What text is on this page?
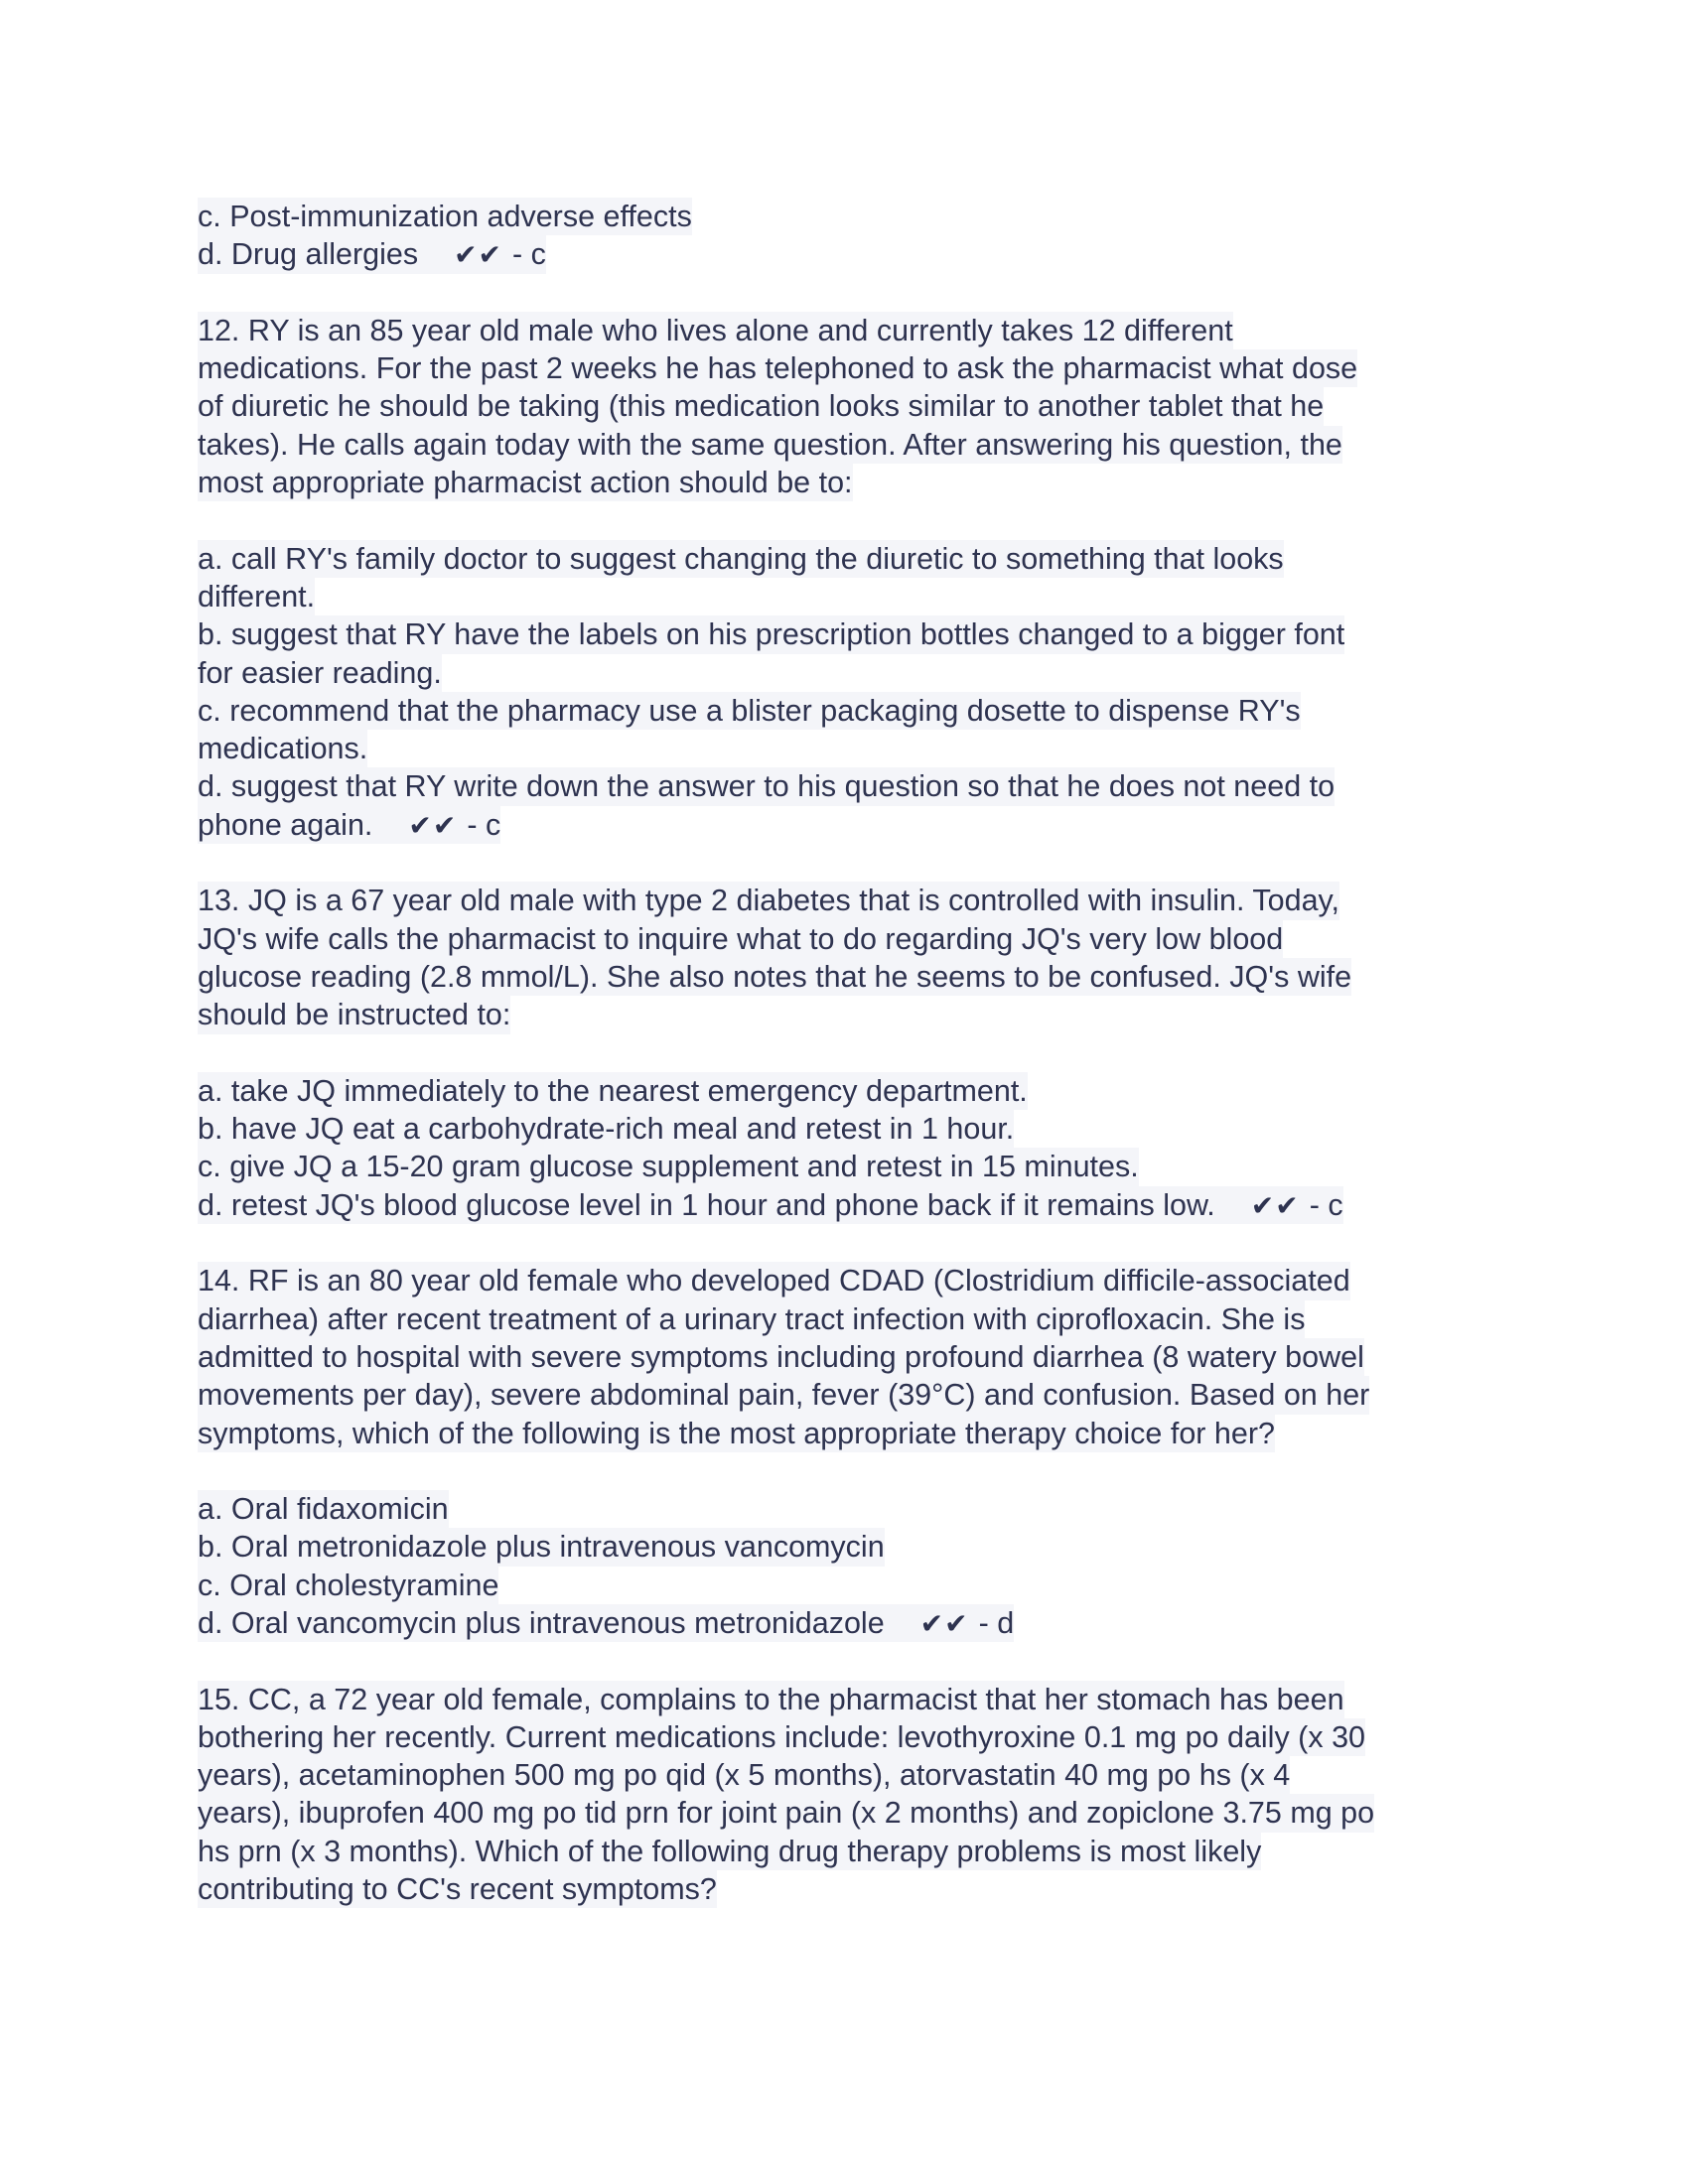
c. Post-immunization adverse effects
d. Drug allergies ✔✔ - c
12. RY is an 85 year old male who lives alone and currently takes 12 different
medications. For the past 2 weeks he has telephoned to ask the pharmacist what dose
of diuretic he should be taking (this medication looks similar to another tablet that he
takes). He calls again today with the same question. After answering his question, the
most appropriate pharmacist action should be to:
a. call RY's family doctor to suggest changing the diuretic to something that looks
different.
b. suggest that RY have the labels on his prescription bottles changed to a bigger font
for easier reading.
c. recommend that the pharmacy use a blister packaging dosette to dispense RY's
medications.
d. suggest that RY write down the answer to his question so that he does not need to
phone again. ✔✔ - c
13. JQ is a 67 year old male with type 2 diabetes that is controlled with insulin. Today,
JQ's wife calls the pharmacist to inquire what to do regarding JQ's very low blood
glucose reading (2.8 mmol/L). She also notes that he seems to be confused. JQ's wife
should be instructed to:
a. take JQ immediately to the nearest emergency department.
b. have JQ eat a carbohydrate-rich meal and retest in 1 hour.
c. give JQ a 15-20 gram glucose supplement and retest in 15 minutes.
d. retest JQ's blood glucose level in 1 hour and phone back if it remains low. ✔✔ - c
14. RF is an 80 year old female who developed CDAD (Clostridium difficile-associated
diarrhea) after recent treatment of a urinary tract infection with ciprofloxacin. She is
admitted to hospital with severe symptoms including profound diarrhea (8 watery bowel
movements per day), severe abdominal pain, fever (39°C) and confusion. Based on her
symptoms, which of the following is the most appropriate therapy choice for her?
a. Oral fidaxomicin
b. Oral metronidazole plus intravenous vancomycin
c. Oral cholestyramine
d. Oral vancomycin plus intravenous metronidazole ✔✔ - d
15. CC, a 72 year old female, complains to the pharmacist that her stomach has been
bothering her recently. Current medications include: levothyroxine 0.1 mg po daily (x 30
years), acetaminophen 500 mg po qid (x 5 months), atorvastatin 40 mg po hs (x 4
years), ibuprofen 400 mg po tid prn for joint pain (x 2 months) and zopiclone 3.75 mg po
hs prn (x 3 months). Which of the following drug therapy problems is most likely
contributing to CC's recent symptoms?
